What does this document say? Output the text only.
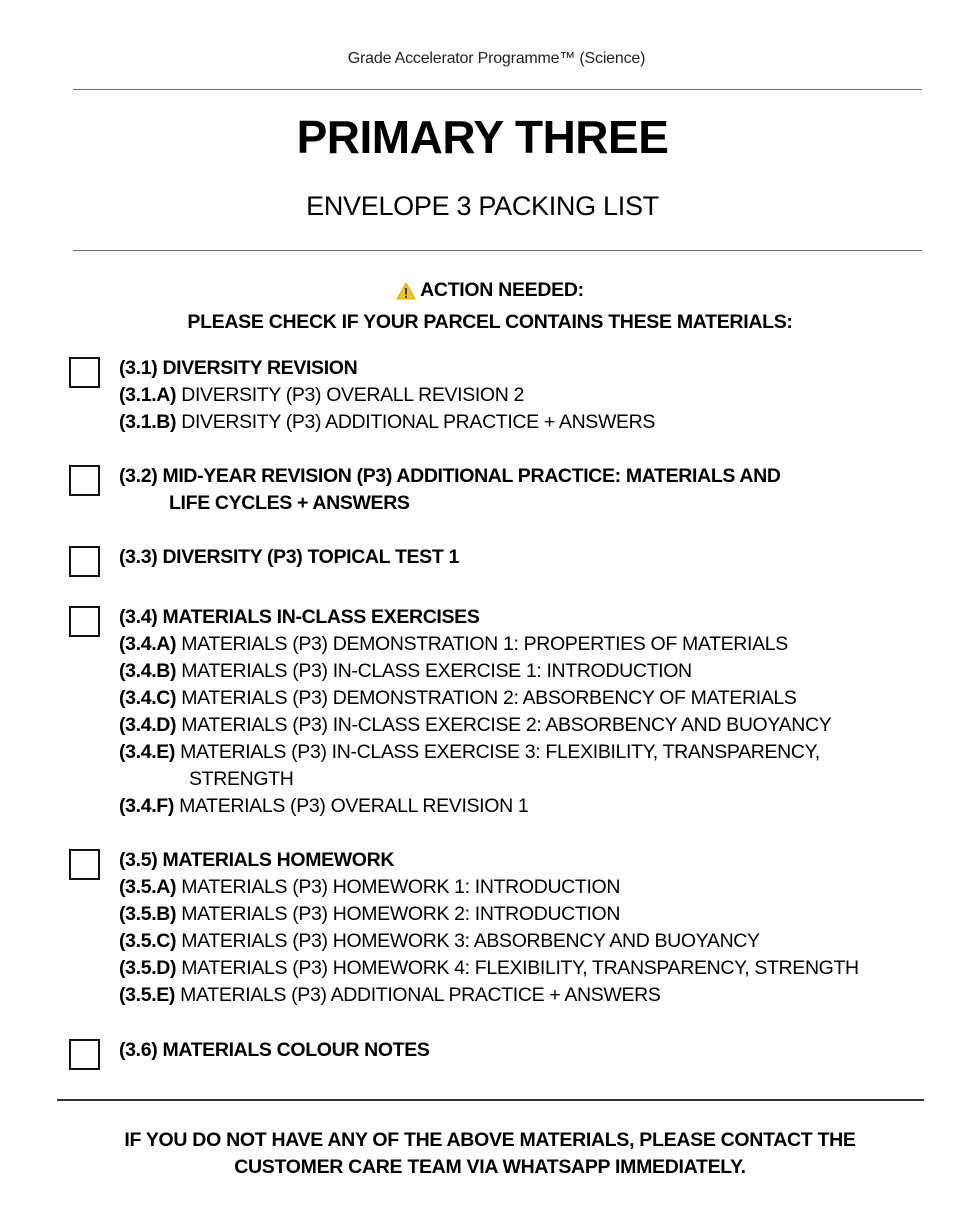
Grade Accelerator Programme™ (Science)
PRIMARY THREE
ENVELOPE 3 PACKING LIST
ACTION NEEDED:
PLEASE CHECK IF YOUR PARCEL CONTAINS THESE MATERIALS:
(3.1) DIVERSITY REVISION
(3.1.A) DIVERSITY (P3) OVERALL REVISION 2
(3.1.B) DIVERSITY (P3) ADDITIONAL PRACTICE + ANSWERS
(3.2) MID-YEAR REVISION (P3) ADDITIONAL PRACTICE: MATERIALS AND
LIFE CYCLES + ANSWERS
(3.3) DIVERSITY (P3) TOPICAL TEST 1
(3.4) MATERIALS IN-CLASS EXERCISES
(3.4.A) MATERIALS (P3) DEMONSTRATION 1: PROPERTIES OF MATERIALS
(3.4.B) MATERIALS (P3) IN-CLASS EXERCISE 1: INTRODUCTION
(3.4.C) MATERIALS (P3) DEMONSTRATION 2: ABSORBENCY OF MATERIALS
(3.4.D) MATERIALS (P3) IN-CLASS EXERCISE 2: ABSORBENCY AND BUOYANCY
(3.4.E) MATERIALS (P3) IN-CLASS EXERCISE 3: FLEXIBILITY, TRANSPARENCY,
STRENGTH
(3.4.F) MATERIALS (P3) OVERALL REVISION 1
(3.5) MATERIALS HOMEWORK
(3.5.A) MATERIALS (P3) HOMEWORK 1: INTRODUCTION
(3.5.B) MATERIALS (P3) HOMEWORK 2: INTRODUCTION
(3.5.C) MATERIALS (P3) HOMEWORK 3: ABSORBENCY AND BUOYANCY
(3.5.D) MATERIALS (P3) HOMEWORK 4: FLEXIBILITY, TRANSPARENCY, STRENGTH
(3.5.E) MATERIALS (P3) ADDITIONAL PRACTICE + ANSWERS
(3.6) MATERIALS COLOUR NOTES
IF YOU DO NOT HAVE ANY OF THE ABOVE MATERIALS, PLEASE CONTACT THE
CUSTOMER CARE TEAM VIA WHATSAPP IMMEDIATELY.
